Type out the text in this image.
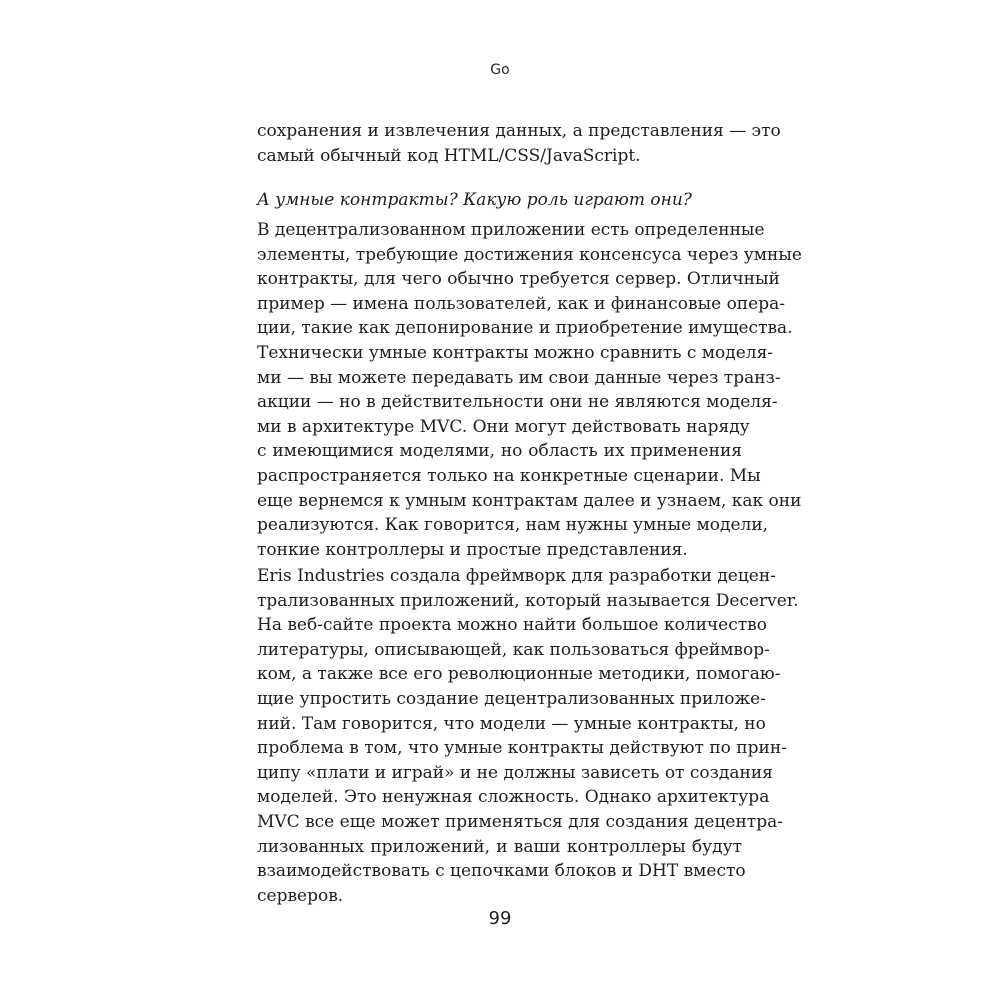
Go
сохранения и извлечения данных, а представления — это
самый обычный код HTML/CSS/JavaScript.
А умные контракты? Какую роль играют они?
В децентрализованном приложении есть определенные
элементы, требующие достижения консенсуса через умные
контракты, для чего обычно требуется сервер. Отличный
пример — имена пользователей, как и финансовые опера-
ции, такие как депонирование и приобретение имущества.
Технически умные контракты можно сравнить с моделя-
ми — вы можете передавать им свои данные через транз-
акции — но в действительности они не являются моделя-
ми в архитектуре MVC. Они могут действовать наряду
с имеющимися моделями, но область их применения
распространяется только на конкретные сценарии. Мы
еще вернемся к умным контрактам далее и узнаем, как они
реализуются. Как говорится, нам нужны умные модели,
тонкие контроллеры и простые представления.
Eris Industries создала фреймворк для разработки децен-
трализованных приложений, который называется Decerver.
На веб-сайте проекта можно найти большое количество
литературы, описывающей, как пользоваться фреймвор-
ком, а также все его революционные методики, помогаю-
щие упростить создание децентрализованных приложе-
ний. Там говорится, что модели — умные контракты, но
проблема в том, что умные контракты действуют по прин-
ципу «плати и играй» и не должны зависеть от создания
моделей. Это ненужная сложность. Однако архитектура
MVC все еще может применяться для создания децентра-
лизованных приложений, и ваши контроллеры будут
взаимодействовать с цепочками блоков и DHT вместо
серверов.
99
